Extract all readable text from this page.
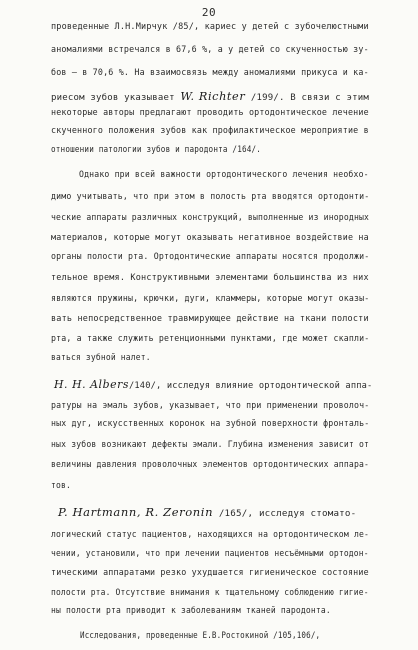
20
проведенные Л.Н.Мирчук /85/, кариес у детей с зубочелюстными
аномалиями встречался в 67,6 %, а у детей со скученностью зу-
бов – в 70,6 %. На взаимосвязь между аномалиями прикуса и ка-
риесом зубов указывает W. Richter /199/. В связи с этим
некоторые авторы предлагают проводить ортодонтическое лечение
скученного положения зубов как профилактическое мероприятие в
отношении патологии зубов и пародонта /164/.
Однако при всей важности ортодонтического лечения необхо-
димо учитывать, что при этом в полость рта вводятся ортодонти-
ческие аппараты различных конструкций, выполненные из инородных
материалов, которые могут оказывать негативное воздействие на
органы полости рта. Ортодонтические аппараты носятся продолжи-
тельное время. Конструктивными элементами большинства из них
являются пружины, крючки, дуги, кламмеры, которые могут оказы-
вать непосредственное травмирующее действие на ткани полости
рта, а также служить ретенционными пунктами, где может скапли-
ваться зубной налет.
H. H. Albers/140/, исследуя влияние ортодонтической аппа-
ратуры на эмаль зубов, указывает, что при применении проволоч-
ных дуг, искусственных коронок на зубной поверхности фронталь-
ных зубов возникают дефекты эмали. Глубина изменения зависит от
величины давления проволочных элементов ортодонтических аппара-
тов.
P. Hartmann, R. Zeronin /165/, исследуя стомато-
логический статус пациентов, находящихся на ортодонтическом ле-
чении, установили, что при лечении пациентов несъёмными ортодон-
тическими аппаратами резко ухудшается гигиеническое состояние
полости рта. Отсутствие внимания к тщательному соблюдению гигие-
ны полости рта приводит к заболеваниям тканей пародонта.
Исследования, проведенные Е.В.Ростокиной /105,106/,
